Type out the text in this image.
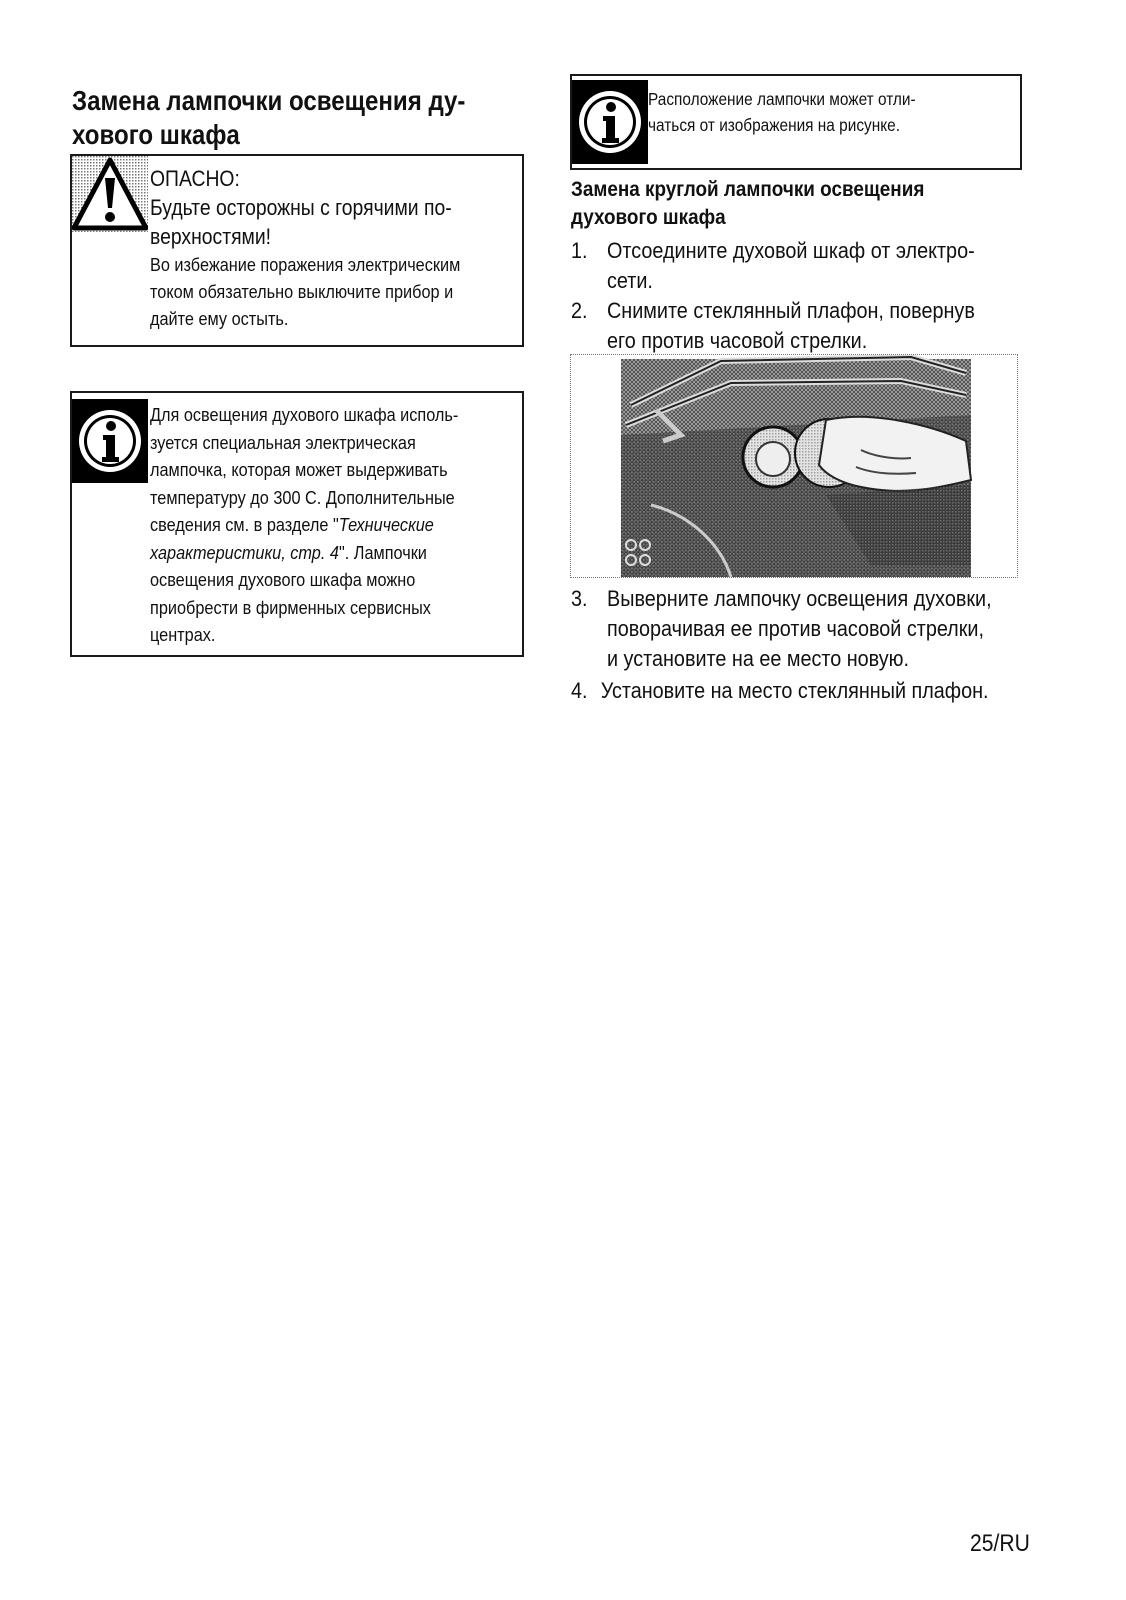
Замена лампочки освещения ду-
хового шкафа

ОПАСНО:

Будьте осторожны с горячими по-

верхностями!

Во избежание поражения электрическим

током обязательно выключите прибор и

дайте ему остыть.

Для освещения духового шкафа исполь-

зуется специальная электрическая

лампочка, которая может выдерживать

температуру до 300 С. Дополнительные

сведения см. в разделе "Технические

характеристики, стр. 4". Лампочки

освещения духового шкафа можно

приобрести в фирменных сервисных

центрах.

Расположение лампочки может отли-

чаться от изображения на рисунке.

Замена круглой лампочки освещения
духового шкафа
1. Отсоедините духовой шкаф от электро-
сети.
2. Снимите стеклянный плафон, повернув
его против часовой стрелки.
3. Выверните лампочку освещения духовки,
поворачивая ее против часовой стрелки,
и установите на ее место новую.
4. Установите на место стеклянный плафон.
25/RU
